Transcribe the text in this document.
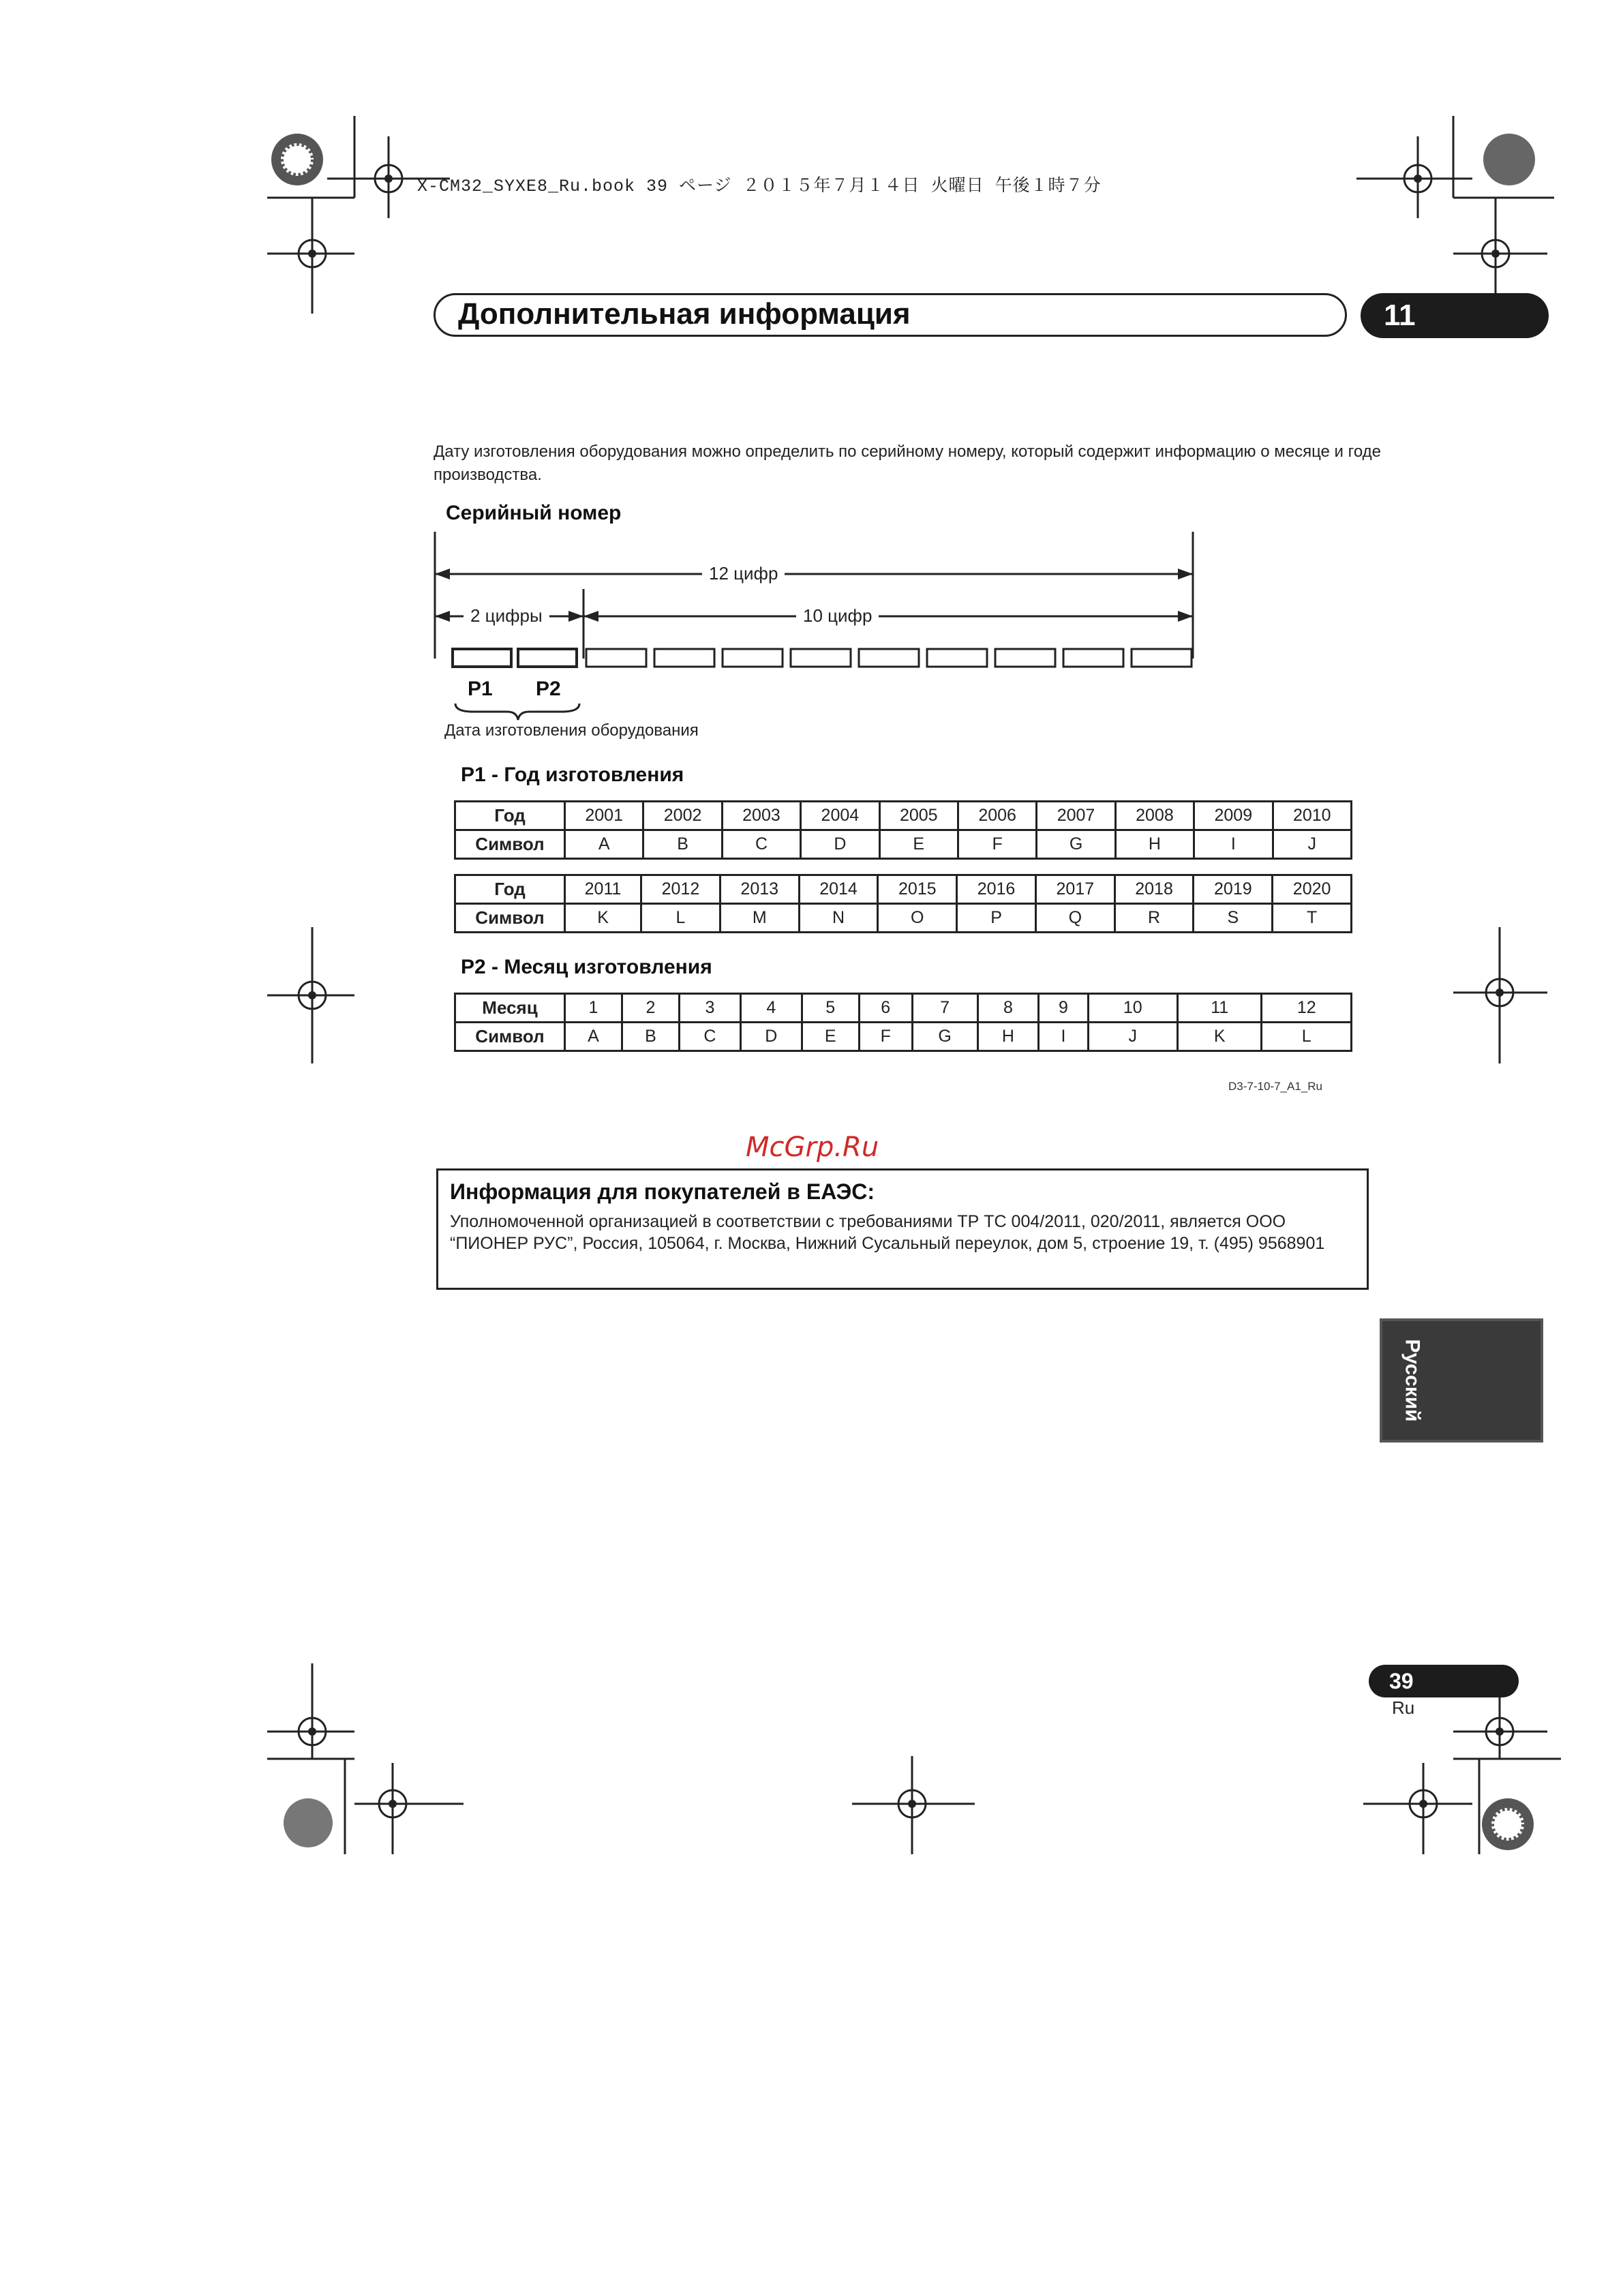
X-CM32_SYXE8_Ru.book 39 ページ ２０１５年７月１４日 火曜日 午後１時７分
Дополнительная информация	11
Дату изготовления оборудования можно определить по серийному номеру, который содержит информацию о месяце и годе производства.
Серийный номер
12 цифр
2 цифры	10 цифр
P1 P2
Дата изготовления оборудования
P1 - Год изготовления
Год	2001	2002	2003	2004	2005	2006	2007	2008	2009	2010
Символ	A	B	C	D	E	F	G	H	I	J
Год	2011	2012	2013	2014	2015	2016	2017	2018	2019	2020
Символ	K	L	M	N	O	P	Q	R	S	T
P2 - Месяц изготовления
Месяц	1	2	3	4	5	6	7	8	9	10	11	12
Символ	A	B	C	D	E	F	G	H	I	J	K	L
D3-7-10-7_A1_Ru
McGrp.Ru
Информация для покупателей в ЕАЭС:
Уполномоченной организацией в соответствии с требованиями ТР ТС 004/2011, 020/2011, является ООО “ПИОНЕР РУС”, Россия, 105064, г. Москва, Нижний Сусальный переулок, дом 5, строение 19, т. (495) 9568901
Русский
39
Ru
